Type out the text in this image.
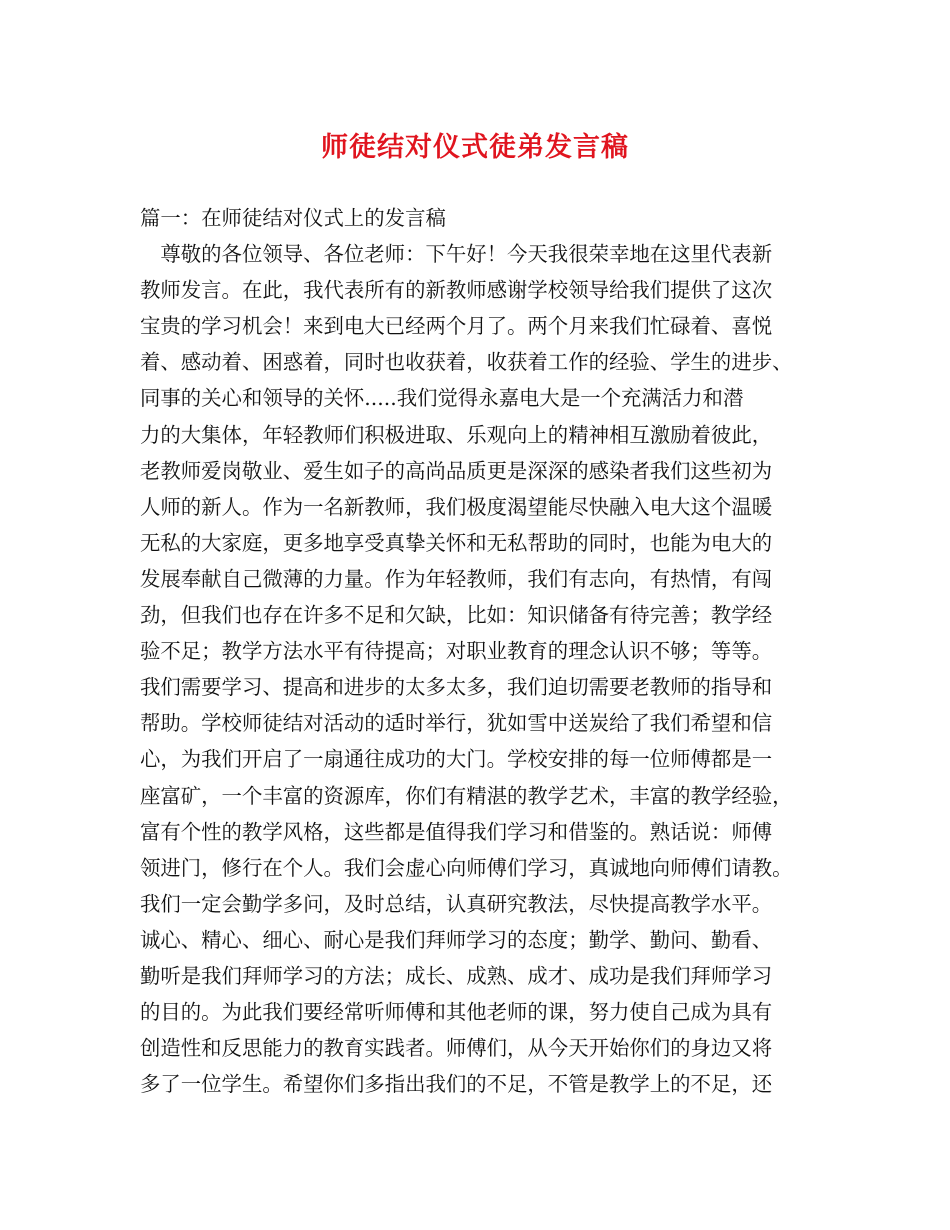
师徒结对仪式徒弟发言稿
篇一：在师徒结对仪式上的发言稿
　尊敬的各位领导、各位老师：下午好！今天我很荣幸地在这里代表新
教师发言。在此，我代表所有的新教师感谢学校领导给我们提供了这次
宝贵的学习机会！来到电大已经两个月了。两个月来我们忙碌着、喜悦
着、感动着、困惑着，同时也收获着，收获着工作的经验、学生的进步、
同事的关心和领导的关怀.....我们觉得永嘉电大是一个充满活力和潜
力的大集体，年轻教师们积极进取、乐观向上的精神相互激励着彼此，
老教师爱岗敬业、爱生如子的高尚品质更是深深的感染者我们这些初为
人师的新人。作为一名新教师，我们极度渴望能尽快融入电大这个温暖
无私的大家庭，更多地享受真挚关怀和无私帮助的同时，也能为电大的
发展奉献自己微薄的力量。作为年轻教师，我们有志向，有热情，有闯
劲，但我们也存在许多不足和欠缺，比如：知识储备有待完善；教学经
验不足；教学方法水平有待提高；对职业教育的理念认识不够；等等。
我们需要学习、提高和进步的太多太多，我们迫切需要老教师的指导和
帮助。学校师徒结对活动的适时举行，犹如雪中送炭给了我们希望和信
心，为我们开启了一扇通往成功的大门。学校安排的每一位师傅都是一
座富矿，一个丰富的资源库，你们有精湛的教学艺术，丰富的教学经验，
富有个性的教学风格，这些都是值得我们学习和借鉴的。熟话说：师傅
领进门，修行在个人。我们会虚心向师傅们学习，真诚地向师傅们请教。
我们一定会勤学多问，及时总结，认真研究教法，尽快提高教学水平。
诚心、精心、细心、耐心是我们拜师学习的态度；勤学、勤问、勤看、
勤听是我们拜师学习的方法；成长、成熟、成才、成功是我们拜师学习
的目的。为此我们要经常听师傅和其他老师的课，努力使自己成为具有
创造性和反思能力的教育实践者。师傅们，从今天开始你们的身边又将
多了一位学生。希望你们多指出我们的不足，不管是教学上的不足，还
